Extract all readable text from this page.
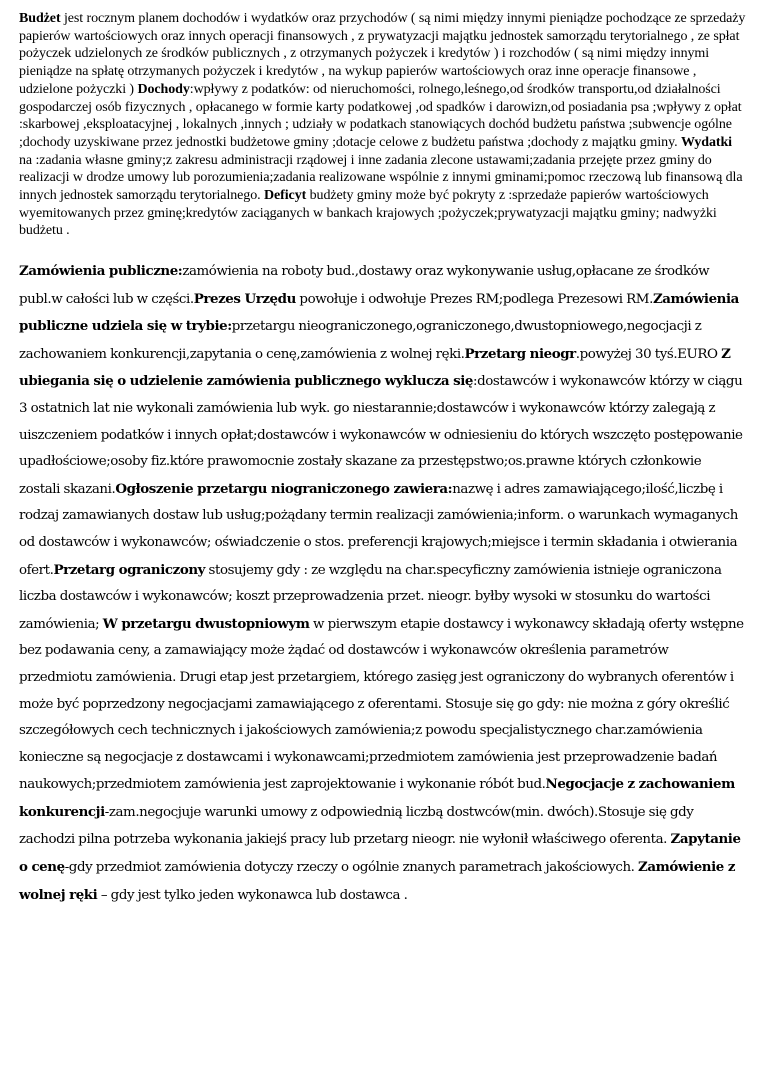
Budżet jest rocznym planem dochodów i wydatków oraz przychodów ( są nimi między innymi pieniądze pochodzące ze sprzedaży papierów wartościowych oraz innych operacji finansowych , z prywatyzacji majątku jednostek samorządu terytorialnego , ze spłat pożyczek udzielonych ze środków publicznych , z otrzymanych pożyczek i kredytów ) i rozchodów ( są nimi między innymi pieniądze na spłatę otrzymanych pożyczek i kredytów , na wykup papierów wartościowych oraz inne operacje finansowe , udzielone pożyczki ) Dochody:wpływy z podatków: od nieruchomości, rolnego,leśnego,od środków transportu,od działalności gospodarczej osób fizycznych , opłacanego w formie karty podatkowej ,od spadków i darowizn,od posiadania psa ;wpływy z opłat :skarbowej ,eksploatacyjnej , lokalnych ,innych ; udziały w podatkach stanowiących dochód budżetu państwa ;subwencje ogólne ;dochody uzyskiwane przez jednostki budżetowe gminy ;dotacje celowe z budżetu państwa ;dochody z majątku gminy. Wydatki na :zadania własne gminy;z zakresu administracji rządowej i inne zadania zlecone ustawami;zadania przejęte przez gminy do realizacji w drodze umowy lub porozumienia;zadania realizowane wspólnie z innymi gminami;pomoc rzeczową lub finansową dla innych jednostek samorządu terytorialnego. Deficyt budżety gminy może być pokryty z :sprzedaże papierów wartościowych wyemitowanych przez gminę;kredytów zaciąganych w bankach krajowych ;pożyczek;prywatyzacji majątku gminy; nadwyżki budżetu .

Zamówienia publiczne:zamówienia na roboty bud.,dostawy oraz wykonywanie usług,opłacane ze środków publ.w całości lub w części.Prezes Urzędu powołuje i odwołuje Prezes RM;podlega Prezesowi RM.Zamówienia publiczne udziela się w trybie:przetargu nieograniczonego,ograniczonego,dwustopniowego,negocjacji z zachowaniem konkurencji,zapytania o cenę,zamówienia z wolnej ręki.Przetarg nieogr.powyżej 30 tyś.EURO Z ubiegania się o udzielenie zamówienia publicznego wyklucza się:dostawców i wykonawców którzy w ciągu 3 ostatnich lat nie wykonali zamówienia lub wyk. go niestarannie;dostawców i wykonawców którzy zalegają z uiszczeniem podatków i innych opłat;dostawców i wykonawców w odniesieniu do których wszczęto postępowanie upadłościowe;osoby fiz.które prawomocnie zostały skazane za przestępstwo;os.prawne których członkowie zostali skazani.Ogłoszenie przetargu niograniczonego zawiera:nazwę i adres zamawiającego;ilość,liczbę i rodzaj zamawianych dostaw lub usług;pożądany termin realizacji zamówienia;inform. o warunkach wymaganych od dostawców i wykonawców; oświadczenie o stos. preferencji krajowych;miejsce i termin składania i otwierania ofert.Przetarg ograniczony stosujemy gdy : ze względu na char.specyficzny zamówienia istnieje ograniczona liczba dostawców i wykonawców; koszt przeprowadzenia przet. nieogr. byłby wysoki w stosunku do wartości zamówienia; W przetargu dwustopniowym w pierwszym etapie dostawcy i wykonawcy składają oferty wstępne bez podawania ceny, a zamawiający może żądać od dostawców i wykonawców określenia parametrów przedmiotu zamówienia. Drugi etap jest przetargiem, którego zasięg jest ograniczony do wybranych oferentów i może być poprzedzony negocjacjami zamawiającego z oferentami. Stosuje się go gdy: nie można z góry określić szczegółowych cech technicznych i jakościowych zamówienia;z powodu specjalistycznego char.zamówienia konieczne są negocjacje z dostawcami i wykonawcami;przedmiotem zamówienia jest przeprowadzenie badań naukowych;przedmiotem zamówienia jest zaprojektowanie i wykonanie róbót bud.Negocjacje z zachowaniem konkurencji-zam.negocjuje warunki umowy z odpowiednią liczbą dostwców(min. dwóch).Stosuje się gdy zachodzi pilna potrzeba wykonania jakiejś pracy lub przetarg nieogr. nie wyłonił właściwego oferenta. Zapytanie o cenę-gdy przedmiot zamówienia dotyczy rzeczy o ogólnie znanych parametrach jakościowych. Zamówienie z wolnej ręki – gdy jest tylko jeden wykonawca lub dostawca .
